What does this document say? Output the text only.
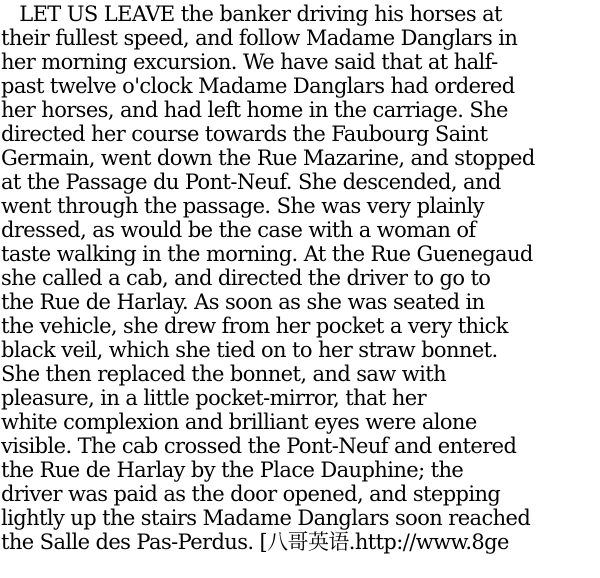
LET US LEAVE the banker driving his horses at
their fullest speed, and follow Madame Danglars in
her morning excursion. We have said that at half-
past twelve o'clock Madame Danglars had ordered
her horses, and had left home in the carriage. She
directed her course towards the Faubourg Saint
Germain, went down the Rue Mazarine, and stopped
at the Passage du Pont-Neuf. She descended, and
went through the passage. She was very plainly
dressed, as would be the case with a woman of
taste walking in the morning. At the Rue Guenegaud
she called a cab, and directed the driver to go to
the Rue de Harlay. As soon as she was seated in
the vehicle, she drew from her pocket a very thick
black veil, which she tied on to her straw bonnet.
She then replaced the bonnet, and saw with
pleasure, in a little pocket-mirror, that her
white complexion and brilliant eyes were alone
visible. The cab crossed the Pont-Neuf and entered
the Rue de Harlay by the Place Dauphine; the
driver was paid as the door opened, and stepping
lightly up the stairs Madame Danglars soon reached
the Salle des Pas-Perdus. [八哥英语.http://www.8ge
